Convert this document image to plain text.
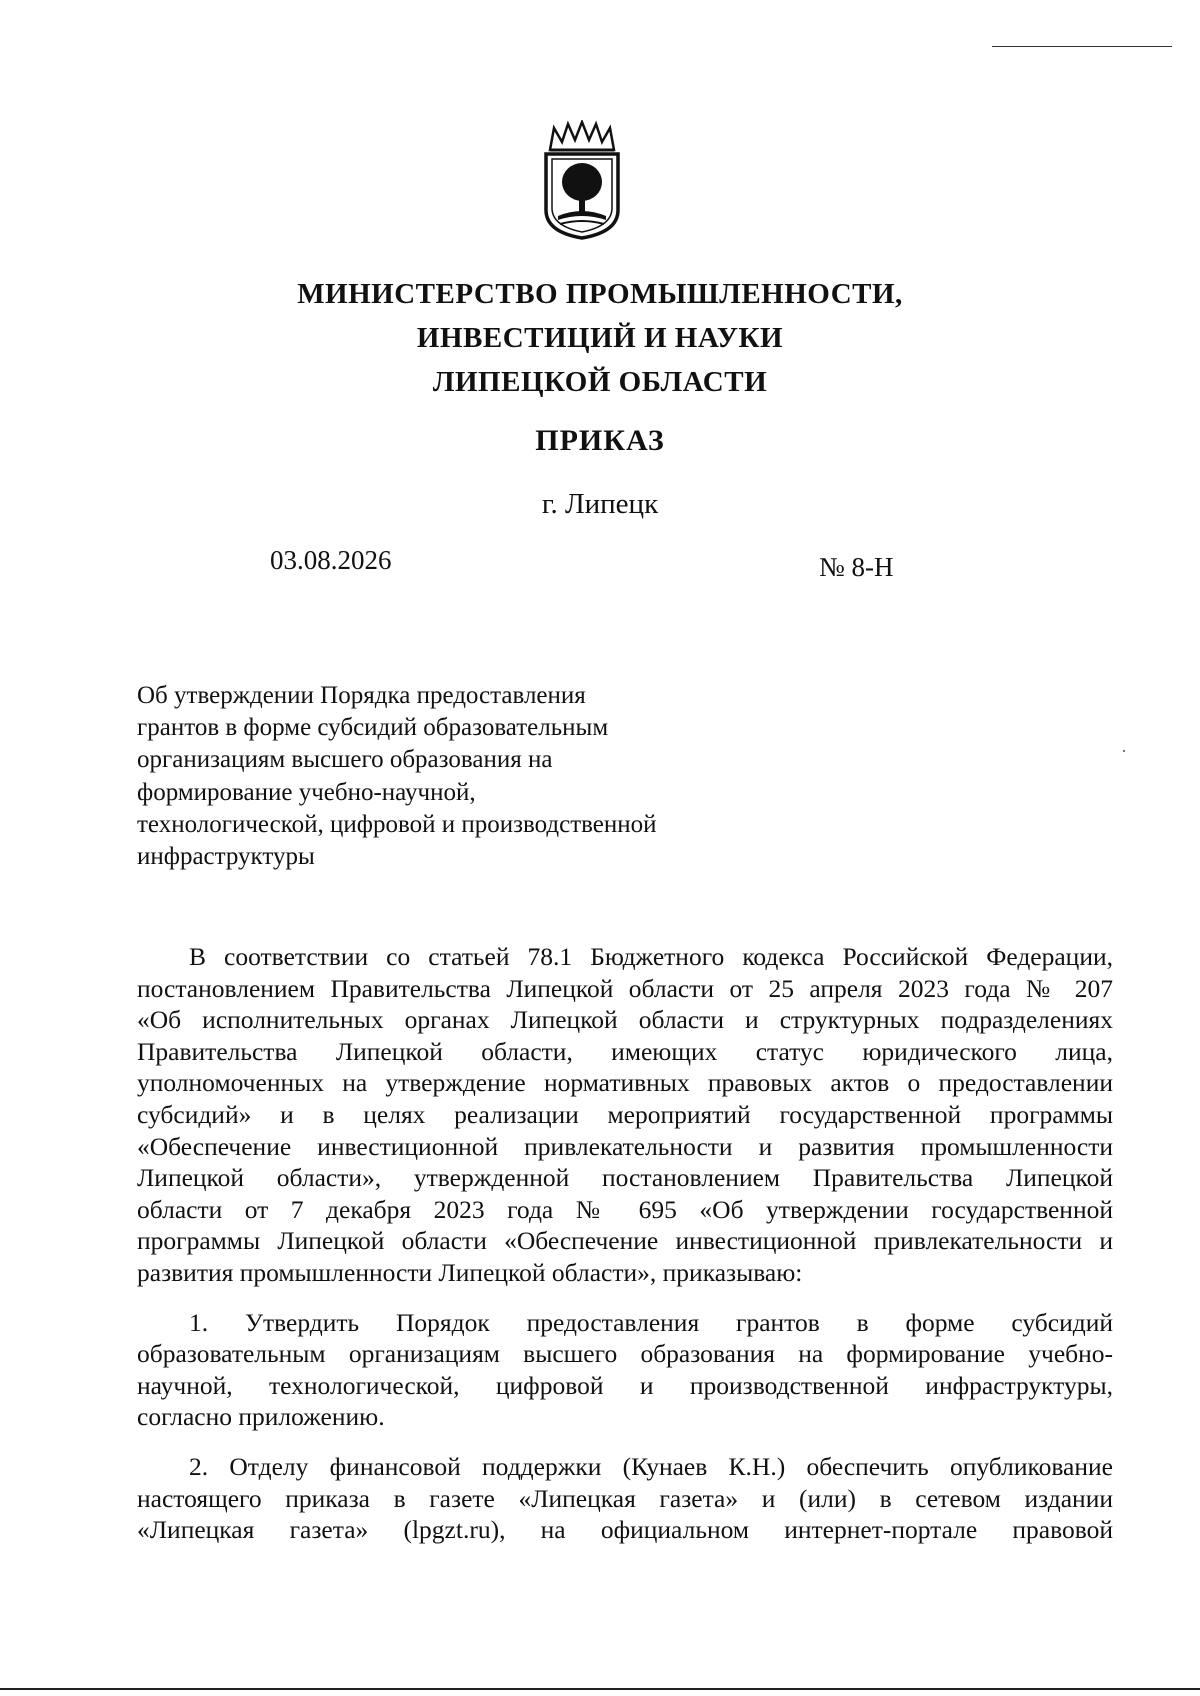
МИНИСТЕРСТВО ПРОМЫШЛЕННОСТИ,
ИНВЕСТИЦИЙ И НАУКИ
ЛИПЕЦКОЙ ОБЛАСТИ
ПРИКАЗ
г. Липецк
03.08.2026	№ 8-Н
Об утверждении Порядка предоставления
грантов в форме субсидий образовательным
организациям высшего образования на
формирование учебно-научной,
технологической, цифровой и производственной
инфраструктуры
В соответствии со статьей 78.1 Бюджетного кодекса Российской Федерации,
постановлением Правительства Липецкой области от 25 апреля 2023 года № 207
«Об исполнительных органах Липецкой области и структурных подразделениях
Правительства Липецкой области, имеющих статус юридического лица,
уполномоченных на утверждение нормативных правовых актов о предоставлении
субсидий» и в целях реализации мероприятий государственной программы
«Обеспечение инвестиционной привлекательности и развития промышленности
Липецкой области», утвержденной постановлением Правительства Липецкой
области от 7 декабря 2023 года № 695 «Об утверждении государственной
программы Липецкой области «Обеспечение инвестиционной привлекательности и
развития промышленности Липецкой области», приказываю:
1. Утвердить Порядок предоставления грантов в форме субсидий
образовательным организациям высшего образования на формирование учебно-
научной, технологической, цифровой и производственной инфраструктуры,
согласно приложению.
2. Отделу финансовой поддержки (Кунаев К.Н.) обеспечить опубликование
настоящего приказа в газете «Липецкая газета» и (или) в сетевом издании
«Липецкая газета» (lpgzt.ru), на официальном интернет-портале правовой
